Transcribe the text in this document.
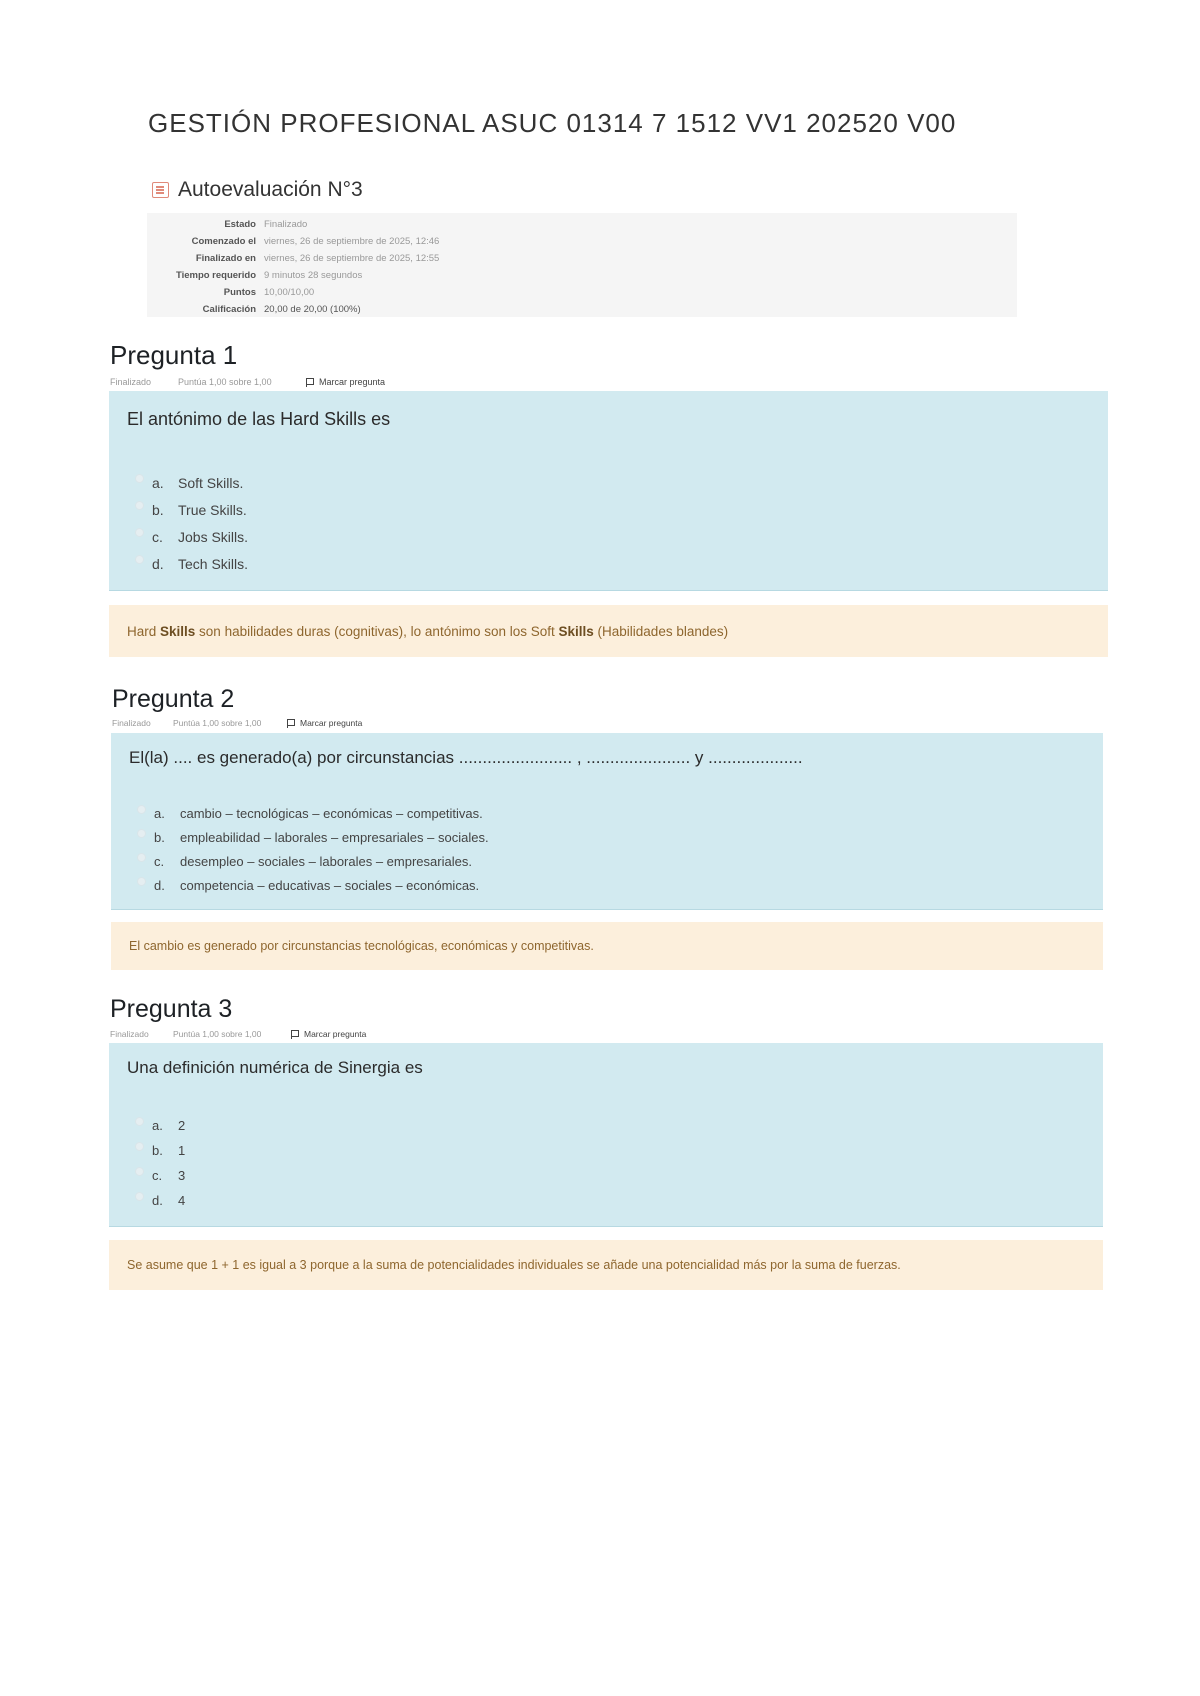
GESTIÓN PROFESIONAL ASUC 01314 7 1512 VV1 202520 V00
Autoevaluación N°3
Estado	Finalizado
Comenzado el	viernes, 26 de septiembre de 2025, 12:46
Finalizado en	viernes, 26 de septiembre de 2025, 12:55
Tiempo requerido	9 minutos 28 segundos
Puntos	10,00/10,00
Calificación	20,00 de 20,00 (100%)
Pregunta 1
Finalizado	Puntúa 1,00 sobre 1,00	Marcar pregunta
El antónimo de las Hard Skills es
a.	Soft Skills.
b.	True Skills.
c.	Jobs Skills.
d.	Tech Skills.
Hard Skills son habilidades duras (cognitivas), lo antónimo son los Soft Skills (Habilidades blandes)
Pregunta 2
Finalizado	Puntúa 1,00 sobre 1,00	Marcar pregunta
El(la) .... es generado(a) por circunstancias ........................ , ...................... y ....................
a.	cambio – tecnológicas – económicas – competitivas.
b.	empleabilidad – laborales – empresariales – sociales.
c.	desempleo – sociales – laborales – empresariales.
d.	competencia – educativas – sociales – económicas.
El cambio es generado por circunstancias tecnológicas, económicas y competitivas.
Pregunta 3
Finalizado	Puntúa 1,00 sobre 1,00	Marcar pregunta
Una definición numérica de Sinergia es
a.	2
b.	1
c.	3
d.	4
Se asume que 1 + 1 es igual a 3 porque a la suma de potencialidades individuales se añade una potencialidad más por la suma de fuerzas.
